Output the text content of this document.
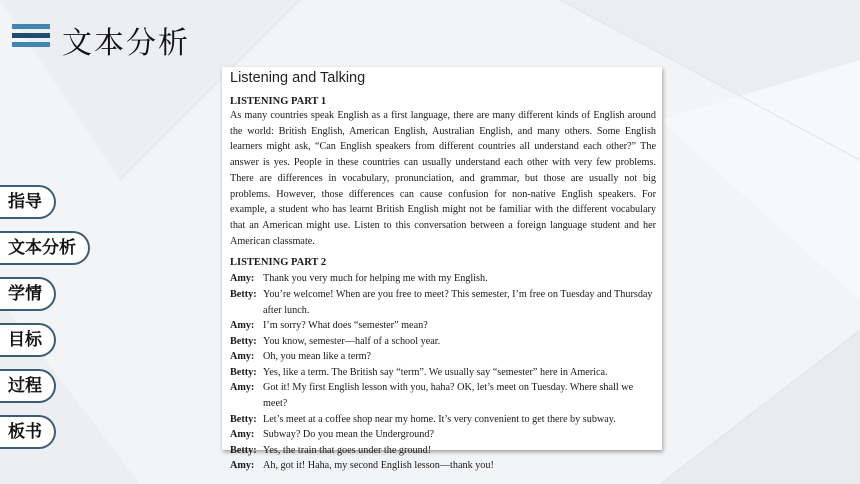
文本分析
指导
文本分析
学情
目标
过程
板书
Listening and Talking
LISTENING PART 1

As many countries speak English as a first language, there are many different kinds of English around the world: British English, American English, Australian English, and many others. Some English learners might ask, “Can English speakers from different countries all understand each other?” The answer is yes. People in these countries can usually understand each other with very few problems. There are differences in vocabulary, pronunciation, and grammar, but those are usually not big problems. However, those differences can cause confusion for non-native English speakers. For example, a student who has learnt British English might not be familiar with the different vocabulary that an American might use. Listen to this conversation between a foreign language student and her American classmate.

LISTENING PART 2
Amy: Thank you very much for helping me with my English.
Betty: You’re welcome! When are you free to meet? This semester, I’m free on Tuesday and Thursday
after lunch.
Amy: I’m sorry? What does “semester” mean?
Betty: You know, semester—half of a school year.
Amy: Oh, you mean like a term?
Betty: Yes, like a term. The British say “term”. We usually say “semester” here in America.
Amy: Got it! My first English lesson with you, haha? OK, let’s meet on Tuesday. Where shall we meet?
Betty: Let’s meet at a coffee shop near my home. It’s very convenient to get there by subway.
Amy: Subway? Do you mean the Underground?
Betty: Yes, the train that goes under the ground!
Amy: Ah, got it! Haha, my second English lesson—thank you!
